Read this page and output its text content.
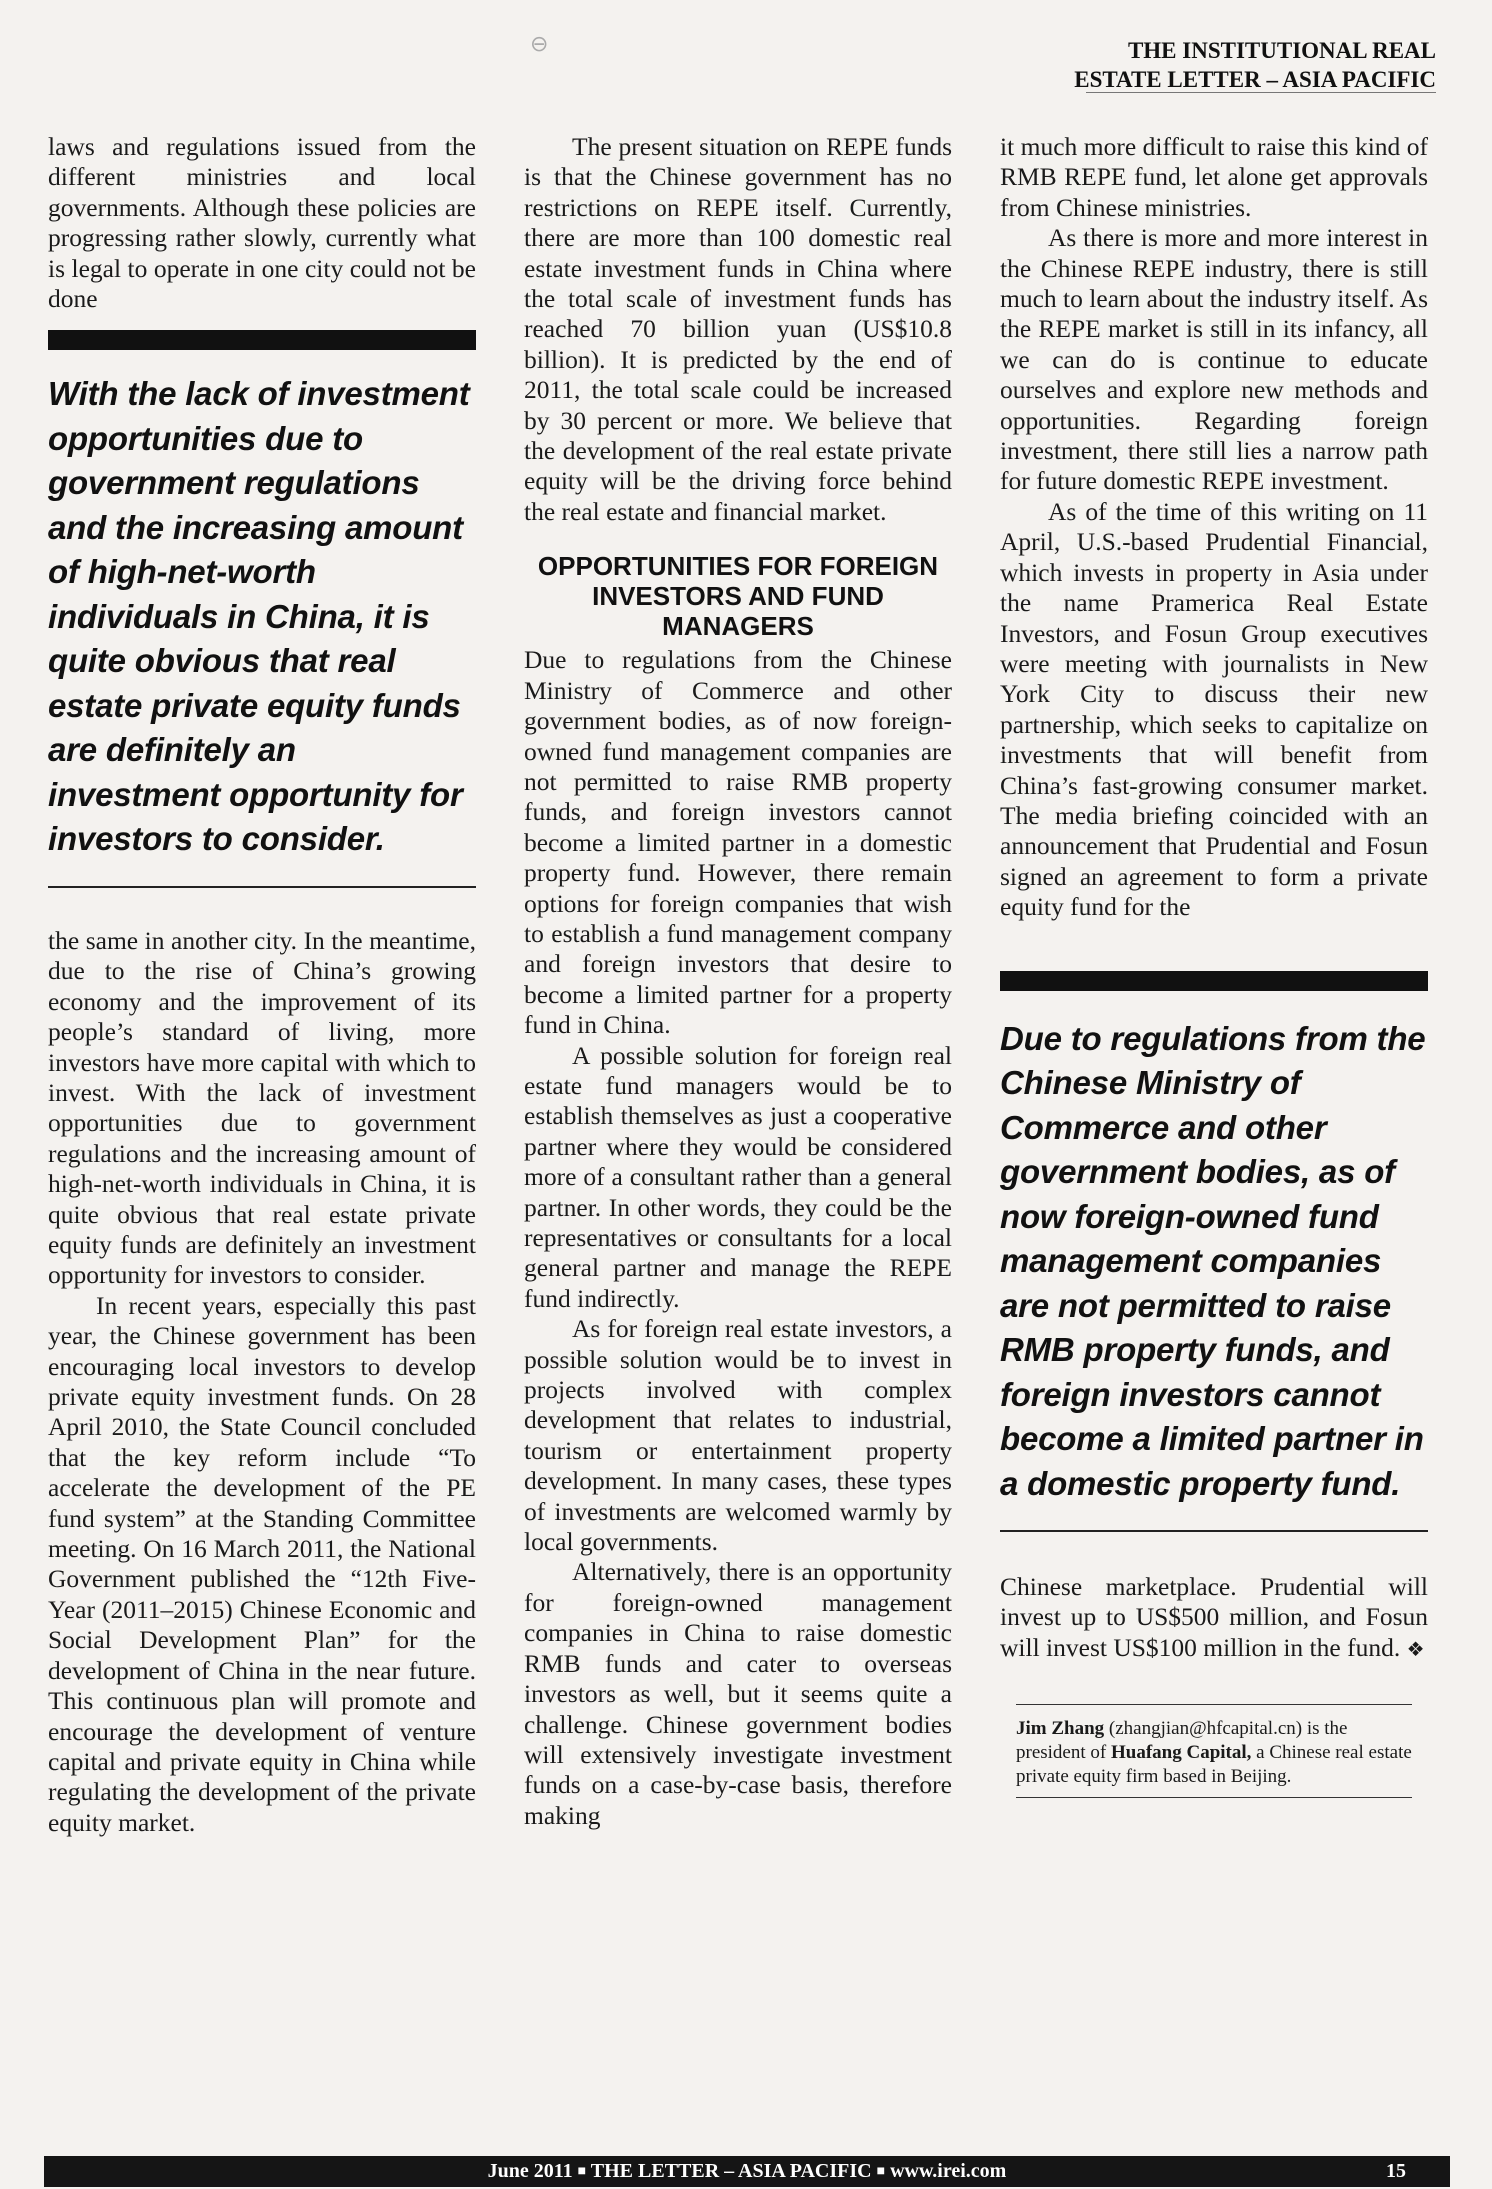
⊖	THE INSTITUTIONAL REAL
ESTATE LETTER – ASIA PACIFIC

laws and regulations issued from the different ministries and local governments. Although these policies are progressing rather slowly, currently what is legal to operate in one city could not be done

With the lack of investment opportunities due to government regulations and the increasing amount of high-net-worth individuals in China, it is quite obvious that real estate private equity funds are definitely an investment opportunity for investors to consider.

the same in another city. In the meantime, due to the rise of China’s growing economy and the improvement of its people’s standard of living, more investors have more capital with which to invest. With the lack of investment opportunities due to government regulations and the increasing amount of high-net-worth individuals in China, it is quite obvious that real estate private equity funds are definitely an investment opportunity for investors to consider.

In recent years, especially this past year, the Chinese government has been encouraging local investors to develop private equity investment funds. On 28 April 2010, the State Council concluded that the key reform include “To accelerate the development of the PE fund system” at the Standing Committee meeting. On 16 March 2011, the National Government published the “12th Five-Year (2011–2015) Chinese Economic and Social Development Plan” for the development of China in the near future. This continuous plan will promote and encourage the development of venture capital and private equity in China while regulating the development of the private equity market.

The present situation on REPE funds is that the Chinese government has no restrictions on REPE itself. Currently, there are more than 100 domestic real estate investment funds in China where the total scale of investment funds has reached 70 billion yuan (US$10.8 billion). It is predicted by the end of 2011, the total scale could be increased by 30 percent or more. We believe that the development of the real estate private equity will be the driving force behind the real estate and financial market.

OPPORTUNITIES FOR FOREIGN INVESTORS AND FUND MANAGERS

Due to regulations from the Chinese Ministry of Commerce and other government bodies, as of now foreign-owned fund management companies are not permitted to raise RMB property funds, and foreign investors cannot become a limited partner in a domestic property fund. However, there remain options for foreign companies that wish to establish a fund management company and foreign investors that desire to become a limited partner for a property fund in China.

A possible solution for foreign real estate fund managers would be to establish themselves as just a cooperative partner where they would be considered more of a consultant rather than a general partner. In other words, they could be the representatives or consultants for a local general partner and manage the REPE fund indirectly.

As for foreign real estate investors, a possible solution would be to invest in projects involved with complex development that relates to industrial, tourism or entertainment property development. In many cases, these types of investments are welcomed warmly by local governments.

Alternatively, there is an opportunity for foreign-owned management companies in China to raise domestic RMB funds and cater to overseas investors as well, but it seems quite a challenge. Chinese government bodies will extensively investigate investment funds on a case-by-case basis, therefore making

it much more difficult to raise this kind of RMB REPE fund, let alone get approvals from Chinese ministries.

As there is more and more interest in the Chinese REPE industry, there is still much to learn about the industry itself. As the REPE market is still in its infancy, all we can do is continue to educate ourselves and explore new methods and opportunities. Regarding foreign investment, there still lies a narrow path for future domestic REPE investment.

As of the time of this writing on 11 April, U.S.-based Prudential Financial, which invests in property in Asia under the name Pramerica Real Estate Investors, and Fosun Group executives were meeting with journalists in New York City to discuss their new partnership, which seeks to capitalize on investments that will benefit from China’s fast-growing consumer market. The media briefing coincided with an announcement that Prudential and Fosun signed an agreement to form a private equity fund for the

Due to regulations from the Chinese Ministry of Commerce and other government bodies, as of now foreign-owned fund management companies are not permitted to raise RMB property funds, and foreign investors cannot become a limited partner in a domestic property fund.

Chinese marketplace. Prudential will invest up to US$500 million, and Fosun will invest US$100 million in the fund. ❖

Jim Zhang (zhangjian@hfcapital.cn) is the president of Huafang Capital, a Chinese real estate private equity firm based in Beijing.
June 2011 ■ THE LETTER – ASIA PACIFIC ■ www.irei.com	15
